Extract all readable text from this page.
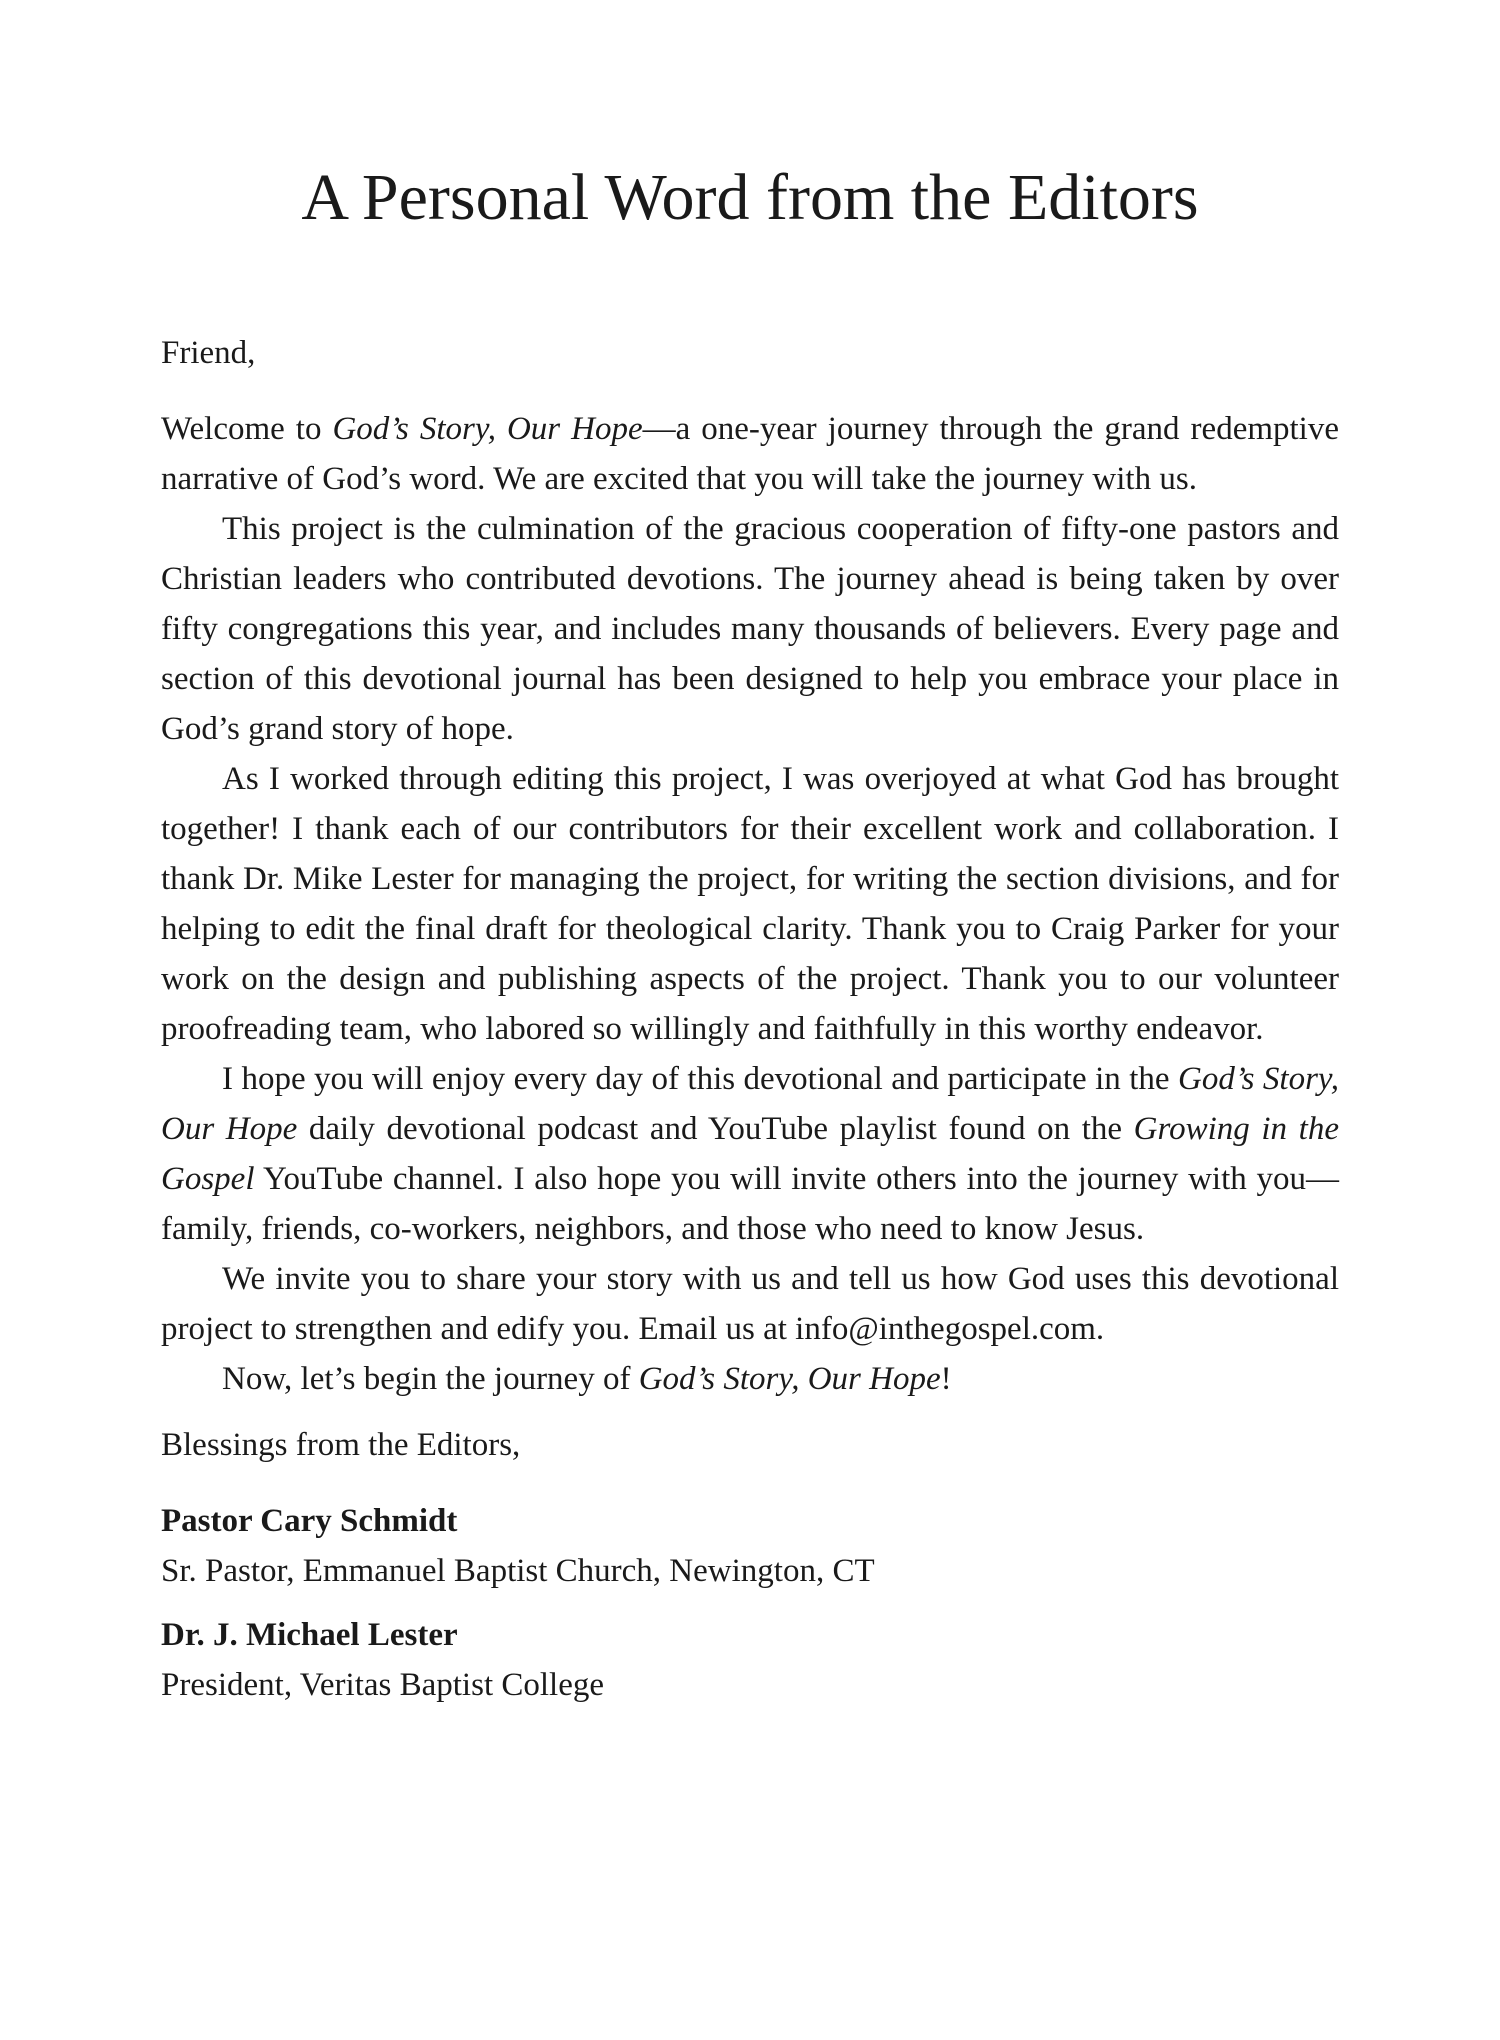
A Personal Word from the Editors

Friend,

Welcome to God’s Story, Our Hope—a one-year journey through the grand redemptive narrative of God’s word. We are excited that you will take the journey with us.

This project is the culmination of the gracious cooperation of fifty-one pastors and Christian leaders who contributed devotions. The journey ahead is being taken by over fifty congregations this year, and includes many thousands of believers. Every page and section of this devotional journal has been designed to help you embrace your place in God’s grand story of hope.

As I worked through editing this project, I was overjoyed at what God has brought together! I thank each of our contributors for their excellent work and collaboration. I thank Dr. Mike Lester for managing the project, for writing the section divisions, and for helping to edit the final draft for theological clarity. Thank you to Craig Parker for your work on the design and publishing aspects of the project. Thank you to our volunteer proofreading team, who labored so willingly and faithfully in this worthy endeavor.

I hope you will enjoy every day of this devotional and participate in the God’s Story, Our Hope daily devotional podcast and YouTube playlist found on the Growing in the Gospel YouTube channel. I also hope you will invite others into the journey with you—family, friends, co-workers, neighbors, and those who need to know Jesus.

We invite you to share your story with us and tell us how God uses this devotional project to strengthen and edify you. Email us at info@inthegospel.com.

Now, let’s begin the journey of God’s Story, Our Hope!

Blessings from the Editors,

Pastor Cary Schmidt

Sr. Pastor, Emmanuel Baptist Church, Newington, CT

Dr. J. Michael Lester

President, Veritas Baptist College
